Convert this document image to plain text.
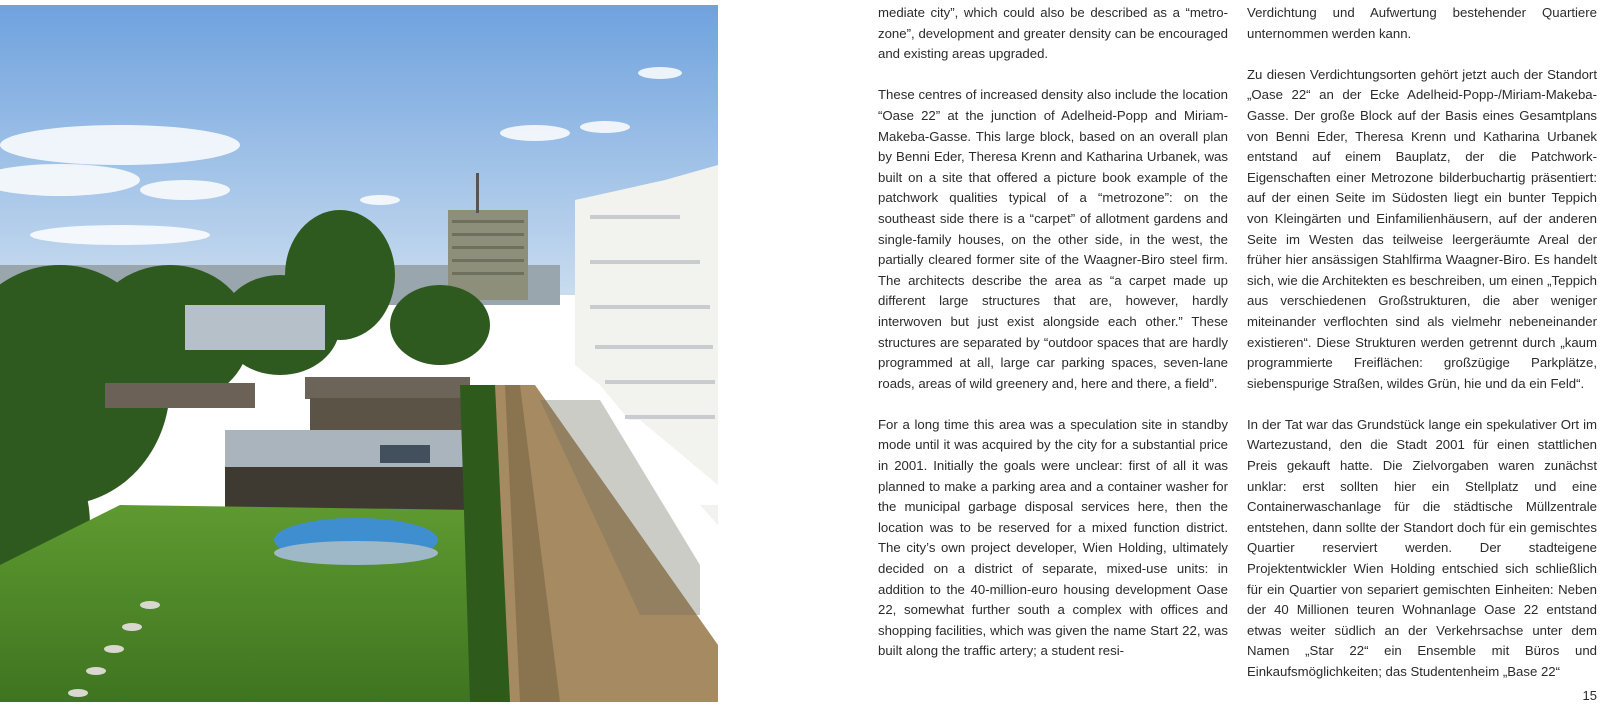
mediate city”, which could also be described as a “metrozone”, development and greater density can be encouraged and existing areas upgraded.

These centres of increased density also include the location “Oase 22” at the junction of Adelheid-Popp and Miriam-Makeba-Gasse. This large block, based on an overall plan by Benni Eder, Theresa Krenn and Katharina Urbanek, was built on a site that offered a picture book example of the patchwork qualities typical of a “metrozone”: on the southeast side there is a “carpet” of allotment gardens and single-family houses, on the other side, in the west, the partially cleared former site of the Waagner-Biro steel firm. The architects describe the area as “a carpet made up different large structures that are, however, hardly interwoven but just exist alongside each other.” These structures are separated by “outdoor spaces that are hardly programmed at all, large car parking spaces, seven-lane roads, areas of wild greenery and, here and there, a field”.

For a long time this area was a speculation site in standby mode until it was acquired by the city for a substantial price in 2001. Initially the goals were unclear: first of all it was planned to make a parking area and a container washer for the municipal garbage disposal services here, then the location was to be reserved for a mixed function district. The city’s own project developer, Wien Holding, ultimately decided on a district of separate, mixed-use units: in addition to the 40-million-euro housing development Oase 22, somewhat further south a complex with offices and shopping facilities, which was given the name Start 22, was built along the traffic artery; a student resi-

Verdichtung und Aufwertung bestehender Quartiere unternommen werden kann.

Zu diesen Verdichtungsorten gehört jetzt auch der Standort „Oase 22“ an der Ecke Adelheid-Popp-/Miriam-Makeba-Gasse. Der große Block auf der Basis eines Gesamtplans von Benni Eder, Theresa Krenn und Katharina Urbanek entstand auf einem Bauplatz, der die Patchwork-Eigenschaften einer Metrozone bilderbuchartig präsentiert: auf der einen Seite im Südosten liegt ein bunter Teppich von Kleingärten und Einfamilienhäusern, auf der anderen Seite im Westen das teilweise leergeräumte Areal der früher hier ansässigen Stahlfirma Waagner-Biro. Es handelt sich, wie die Architekten es beschreiben, um einen „Teppich aus verschiedenen Großstrukturen, die aber weniger miteinander verflochten sind als vielmehr nebeneinander existieren“. Diese Strukturen werden getrennt durch „kaum programmierte Freiflächen: großzügige Parkplätze, siebenspurige Straßen, wildes Grün, hie und da ein Feld“.

In der Tat war das Grundstück lange ein spekulativer Ort im Wartezustand, den die Stadt 2001 für einen stattlichen Preis gekauft hatte. Die Zielvorgaben waren zunächst unklar: erst sollten hier ein Stellplatz und eine Containerwaschanlage für die städtische Müllzentrale entstehen, dann sollte der Standort doch für ein gemischtes Quartier reserviert werden. Der stadteigene Projektentwickler Wien Holding entschied sich schließlich für ein Quartier von separiert gemischten Einheiten: Neben der 40 Millionen teuren Wohnanlage Oase 22 entstand etwas weiter südlich an der Verkehrsachse unter dem Namen „Star 22“ ein Ensemble mit Büros und Einkaufsmöglichkeiten; das Studentenheim „Base 22“

15
